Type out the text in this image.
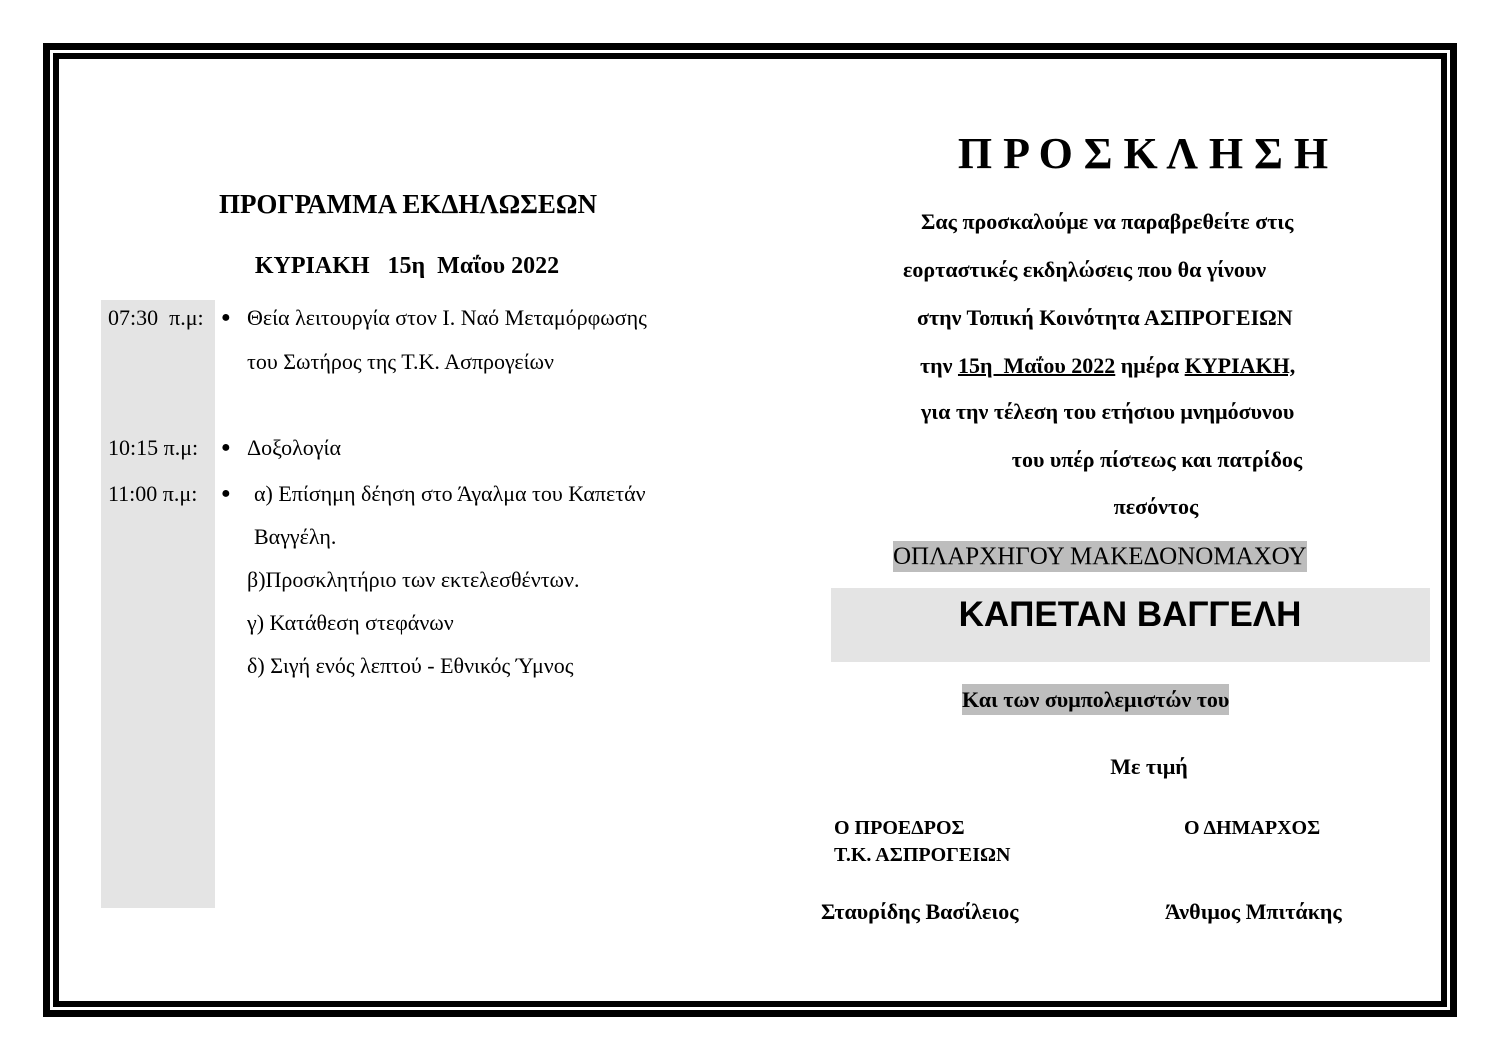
ΠΡΟΓΡΑΜΜΑ ΕΚΔΗΛΩΣΕΩΝ
ΚΥΡΙΑΚΗ   15η  Μαΐου 2022
07:30  π.μ: ● Θεία λειτουργία στον Ι. Ναό Μεταμόρφωσης
του Σωτήρος της Τ.Κ. Ασπρογείων
10:15 π.μ: ● Δοξολογία
11:00 π.μ: ● α) Επίσημη δέηση στο Άγαλμα του Καπετάν
Βαγγέλη.
β)Προσκλητήριο των εκτελεσθέντων.
γ) Κατάθεση στεφάνων
δ) Σιγή ενός λεπτού - Εθνικός Ύμνος
Π Ρ Ο Σ Κ Λ Η Σ Η
Σας προσκαλούμε να παραβρεθείτε στις
εορταστικές εκδηλώσεις που θα γίνουν
στην Τοπική Κοινότητα ΑΣΠΡΟΓΕΙΩΝ
την 15η  Μαΐου 2022 ημέρα ΚΥΡΙΑΚΗ,
για την τέλεση του ετήσιου μνημόσυνου
του υπέρ πίστεως και πατρίδος
πεσόντος
ΟΠΛΑΡΧΗΓΟΥ ΜΑΚΕΔΟΝΟΜΑΧΟΥ
ΚΑΠΕΤΑΝ ΒΑΓΓΕΛΗ
Και των συμπολεμιστών του
Με τιμή
Ο ΠΡΟΕΔΡΟΣ
Τ.Κ. ΑΣΠΡΟΓΕΙΩΝ
Ο ΔΗΜΑΡΧΟΣ
Σταυρίδης Βασίλειος	Άνθιμος Μπιτάκης
